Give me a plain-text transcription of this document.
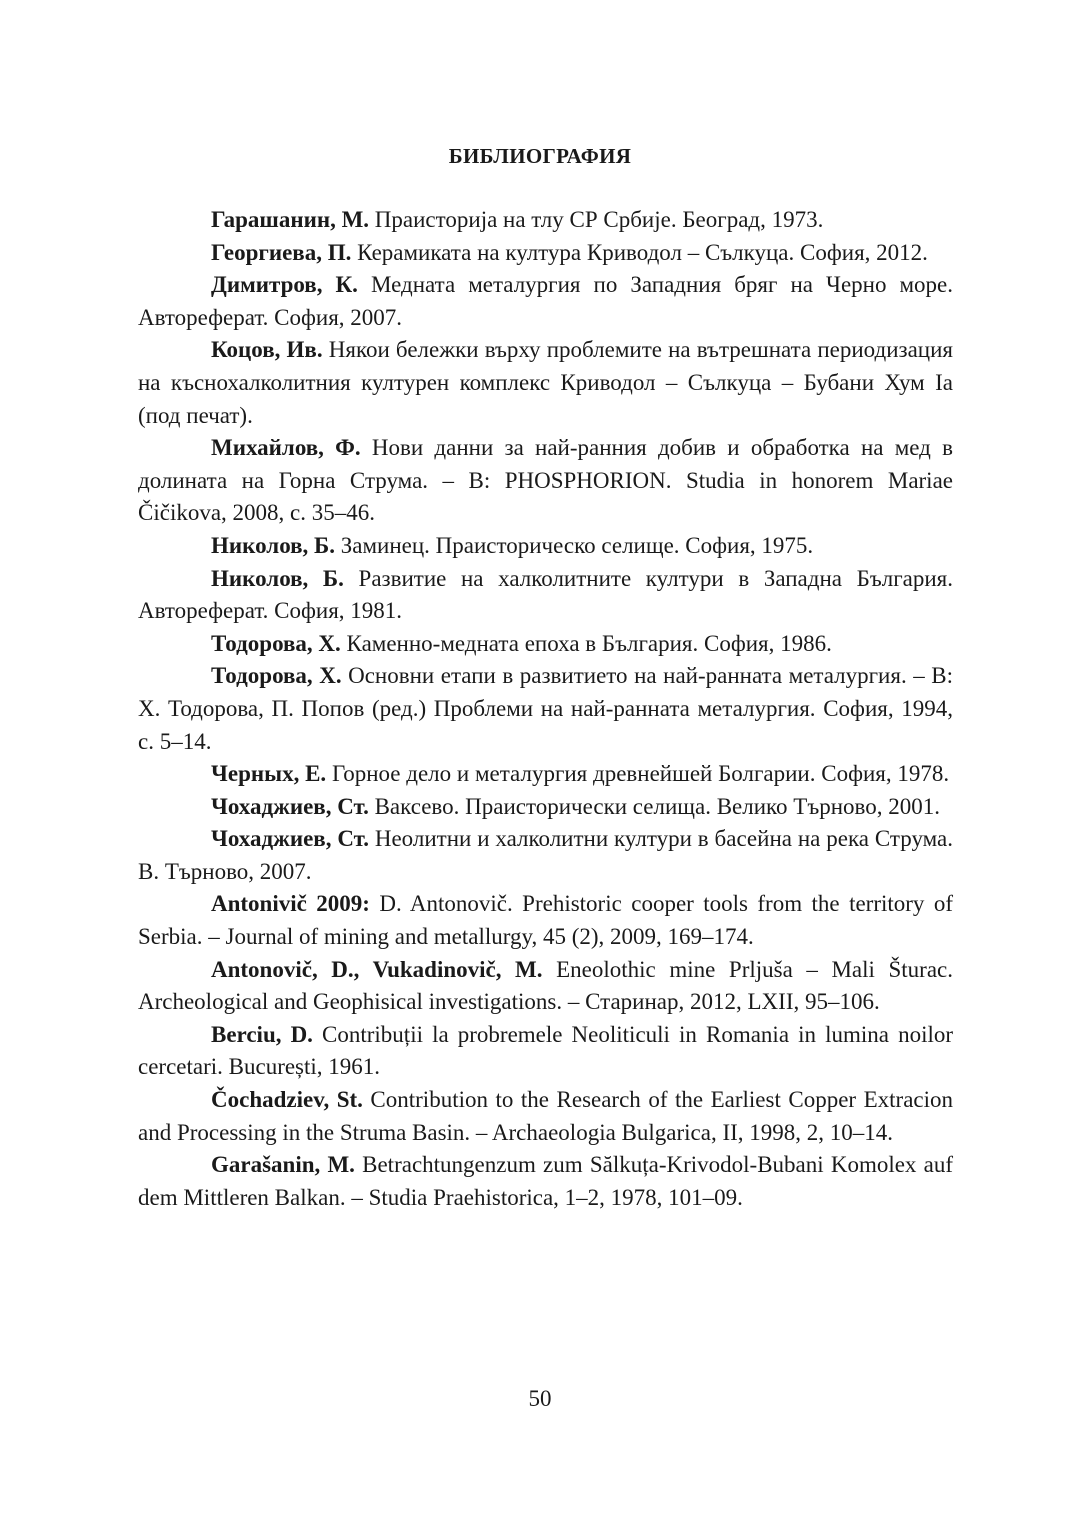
БИБЛИОГРАФИЯ

Гарашанин, М. Праисторија на тлу СР Србије. Београд, 1973.

Георгиева, П. Керамиката на култура Криводол – Сълкуца. София, 2012.

Димитров, К. Медната металургия по Западния бряг на Черно море. Автореферат. София, 2007.

Коцов, Ив. Някои бележки върху проблемите на вътрешната периодизация на къснохалколитния културен комплекс Криводол – Сълкуца – Бубани Хум Ia (под печат).

Михайлов, Ф. Нови данни за най-ранния добив и обработка на мед в долината на Горна Струма. – В: PHOSPHORION. Studia in honorem Mariae Čičikova, 2008, с. 35–46.

Николов, Б. Заминец. Праисторическо селище. София, 1975.

Николов, Б. Развитие на халколитните култури в Западна България. Автореферат. София, 1981.

Тодорова, Х. Каменно-медната епоха в България. София, 1986.

Тодорова, Х. Основни етапи в развитието на най-ранната металургия. – В: Х. Тодорова, П. Попов (ред.) Проблеми на най-ранната металургия. София, 1994, с. 5–14.

Черных, Е. Горное дело и металургия древнейшей Болгарии. София, 1978.

Чохаджиев, Ст. Ваксево. Праисторически селища. Велико Търново, 2001.

Чохаджиев, Ст. Неолитни и халколитни култури в басейна на река Струма. В. Търново, 2007.

Antonivič 2009: D. Antonovič. Prehistoric cooper tools from the territory of Serbia. – Journal of mining and metallurgy, 45 (2), 2009, 169–174.

Antonovič, D., Vukadinovič, M. Eneolothic mine Prljuša – Mali Šturac. Archeological and Geophisical investigations. – Старинар, 2012, LXII, 95–106.

Berciu, D. Contribuții la probremele Neoliticuli in Romania in lumina noilor cercetari. București, 1961.

Čochadziev, St. Contribution to the Research of the Earliest Copper Extracion and Processing in the Struma Basin. – Archaeologia Bulgarica, II, 1998, 2, 10–14.

Garašanin, M. Betrachtungenzum zum Sălkuța-Krivodol-Bubani Komolex auf dem Mittleren Balkan. – Studia Praehistorica, 1–2, 1978, 101–09.

50
